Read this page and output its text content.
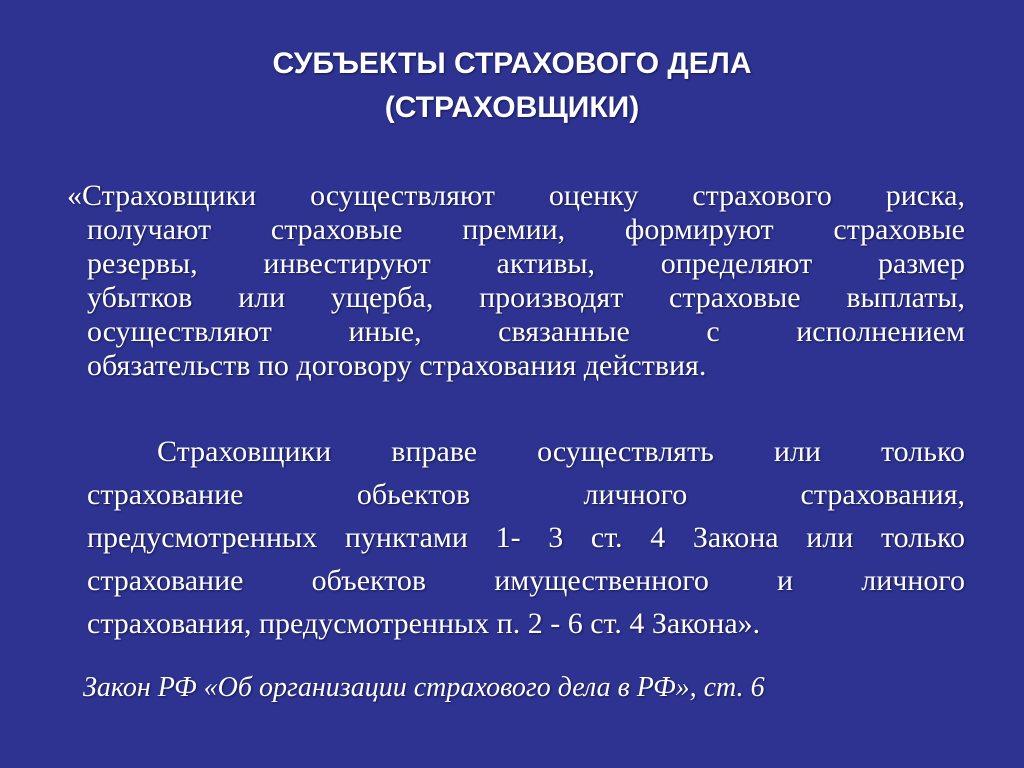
СУБЪЕКТЫ СТРАХОВОГО ДЕЛА
(СТРАХОВЩИКИ)
«Страховщики осуществляют оценку страхового риска,
получают страховые премии, формируют страховые
резервы, инвестируют активы, определяют размер
убытков или ущерба, производят страховые выплаты,
осуществляют иные, связанные с исполнением
обязательств по договору страхования действия.
Страховщики вправе осуществлять или только
страхование обьектов личного страхования,
предусмотренных пунктами 1- 3 ст. 4 Закона или только
страхование объектов имущественного и личного
страхования, предусмотренных п. 2 - 6 ст. 4 Закона».
Закон РФ «Об организации страхового дела в РФ», ст. 6
